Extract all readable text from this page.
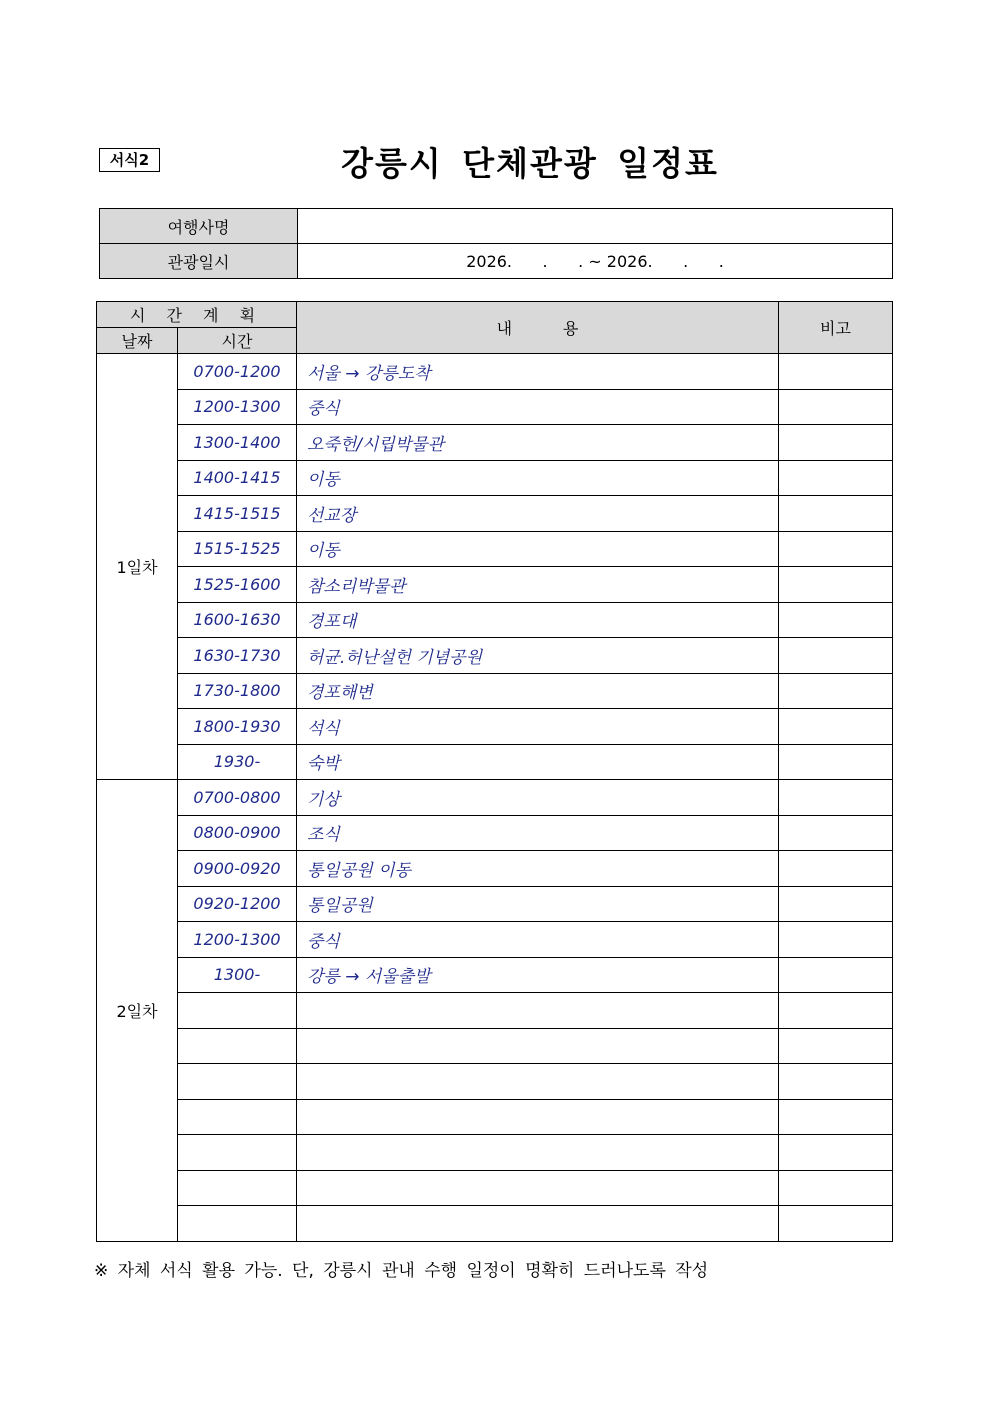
서식2	강릉시 단체관광 일정표
여행사명	
관광일시	2026.      .      . ~ 2026.      .      .
시 간 계 획		내          용	비고
날짜	시간		
1일차	0700-1200	서울 → 강릉도착	
	1200-1300	중식	
	1300-1400	오죽헌/시립박물관	
	1400-1415	이동	
	1415-1515	선교장	
	1515-1525	이동	
	1525-1600	참소리박물관	
	1600-1630	경포대	
	1630-1730	허균.허난설헌 기념공원	
	1730-1800	경포해변	
	1800-1930	석식	
	1930-	숙박	
2일차	0700-0800	기상	
	0800-0900	조식	
	0900-0920	통일공원 이동	
	0920-1200	통일공원	
	1200-1300	중식	
	1300-	강릉 → 서울출발	

※ 자체 서식 활용 가능. 단, 강릉시 관내 수행 일정이 명확히 드러나도록 작성
